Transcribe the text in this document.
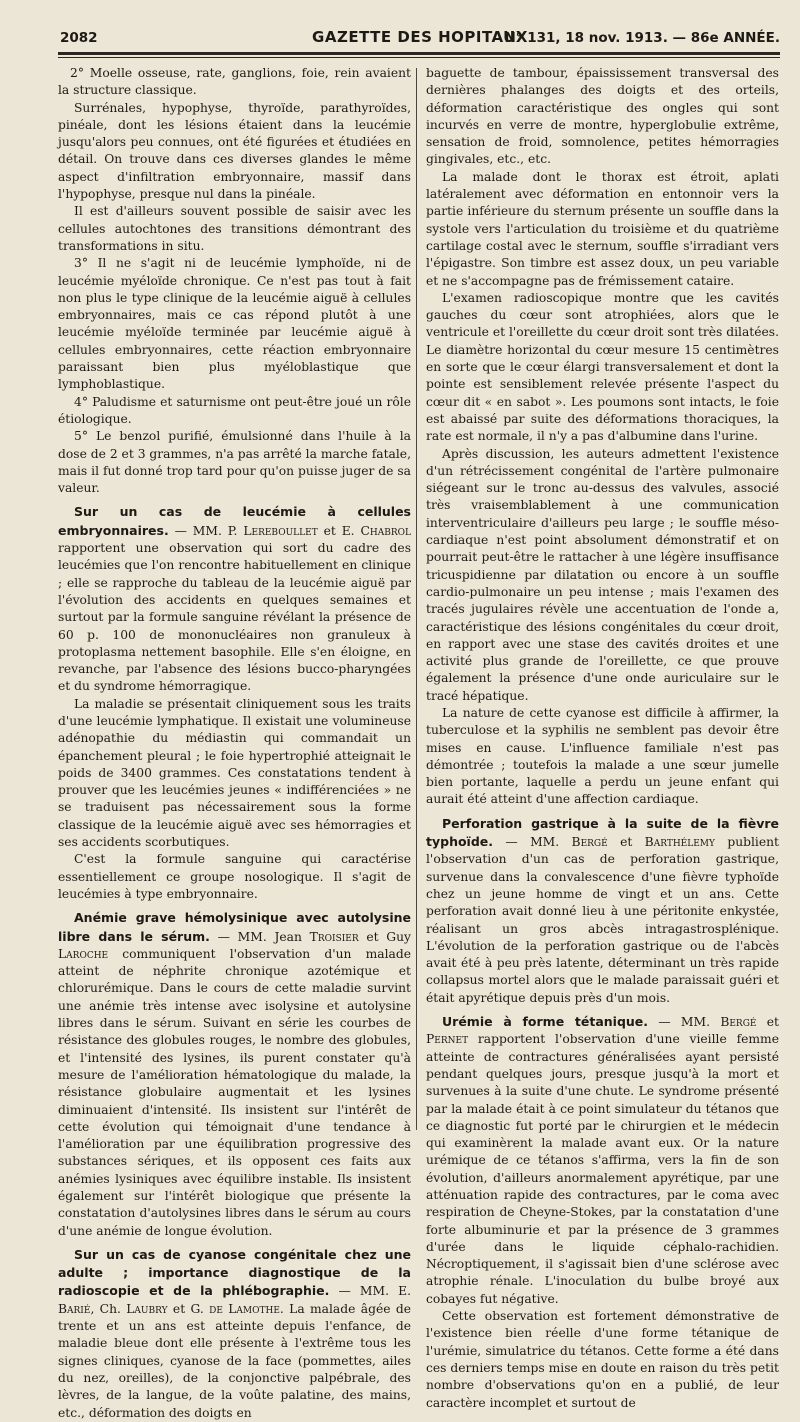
2082	GAZETTE DES HOPITAUX
N° 131, 18 nov. 1913. — 86e ANNÉE.

2° Moelle osseuse, rate, ganglions, foie, rein avaient la structure classique.

Surrénales, hypophyse, thyroïde, parathyroïdes, pinéale, dont les lésions étaient dans la leucémie jusqu'alors peu connues, ont été figurées et étudiées en détail. On trouve dans ces diverses glandes le même aspect d'infiltration embryonnaire, massif dans l'hypophyse, presque nul dans la pinéale.

Il est d'ailleurs souvent possible de saisir avec les cellules autochtones des transitions démontrant des transformations in situ.

3° Il ne s'agit ni de leucémie lymphoïde, ni de leucémie myéloïde chronique. Ce n'est pas tout à fait non plus le type clinique de la leucémie aiguë à cellules embryonnaires, mais ce cas répond plutôt à une leucémie myéloïde terminée par leucémie aiguë à cellules embryonnaires, cette réaction embryonnaire paraissant bien plus myéloblastique que lymphoblastique.

4° Paludisme et saturnisme ont peut-être joué un rôle étiologique.

5° Le benzol purifié, émulsionné dans l'huile à la dose de 2 et 3 grammes, n'a pas arrêté la marche fatale, mais il fut donné trop tard pour qu'on puisse juger de sa valeur.

Sur un cas de leucémie à cellules embryonnaires. — MM. P. Lereboullet et E. Chabrol rapportent une observation qui sort du cadre des leucémies que l'on rencontre habituellement en clinique ; elle se rapproche du tableau de la leucémie aiguë par l'évolution des accidents en quelques semaines et surtout par la formule sanguine révélant la présence de 60 p. 100 de mononucléaires non granuleux à protoplasma nettement basophile. Elle s'en éloigne, en revanche, par l'absence des lésions bucco-pharyngées et du syndrome hémorragique.

La maladie se présentait cliniquement sous les traits d'une leucémie lymphatique. Il existait une volumineuse adénopathie du médiastin qui commandait un épanchement pleural ; le foie hypertrophié atteignait le poids de 3400 grammes. Ces constatations tendent à prouver que les leucémies jeunes « indifférenciées » ne se traduisent pas nécessairement sous la forme classique de la leucémie aiguë avec ses hémorragies et ses accidents scorbutiques.

C'est la formule sanguine qui caractérise essentiellement ce groupe nosologique. Il s'agit de leucémies à type embryonnaire.

Anémie grave hémolysinique avec autolysine libre dans le sérum. — MM. Jean Troisier et Guy Laroche communiquent l'observation d'un malade atteint de néphrite chronique azotémique et chlorurémique. Dans le cours de cette maladie survint une anémie très intense avec isolysine et autolysine libres dans le sérum. Suivant en série les courbes de résistance des globules rouges, le nombre des globules, et l'intensité des lysines, ils purent constater qu'à mesure de l'amélioration hématologique du malade, la résistance globulaire augmentait et les lysines diminuaient d'intensité. Ils insistent sur l'intérêt de cette évolution qui témoignait d'une tendance à l'amélioration par une équilibration progressive des substances sériques, et ils opposent ces faits aux anémies lysiniques avec équilibre instable. Ils insistent également sur l'intérêt biologique que présente la constatation d'autolysines libres dans le sérum au cours d'une anémie de longue évolution.

Sur un cas de cyanose congénitale chez une adulte ; importance diagnostique de la radioscopie et de la phlébographie. — MM. E. Barié, Ch. Laubry et G. de Lamothe. La malade âgée de trente et un ans est atteinte depuis l'enfance, de maladie bleue dont elle présente à l'extrême tous les signes cliniques, cyanose de la face (pommettes, ailes du nez, oreilles), de la conjonctive palpébrale, des lèvres, de la langue, de la voûte palatine, des mains, etc., déformation des doigts en

baguette de tambour, épaississement transversal des dernières phalanges des doigts et des orteils, déformation caractéristique des ongles qui sont incurvés en verre de montre, hyperglobulie extrême, sensation de froid, somnolence, petites hémorragies gingivales, etc., etc.

La malade dont le thorax est étroit, aplati latéralement avec déformation en entonnoir vers la partie inférieure du sternum présente un souffle dans la systole vers l'articulation du troisième et du quatrième cartilage costal avec le sternum, souffle s'irradiant vers l'épigastre. Son timbre est assez doux, un peu variable et ne s'accompagne pas de frémissement cataire.

L'examen radioscopique montre que les cavités gauches du cœur sont atrophiées, alors que le ventricule et l'oreillette du cœur droit sont très dilatées. Le diamètre horizontal du cœur mesure 15 centimètres en sorte que le cœur élargi transversalement et dont la pointe est sensiblement relevée présente l'aspect du cœur dit « en sabot ». Les poumons sont intacts, le foie est abaissé par suite des déformations thoraciques, la rate est normale, il n'y a pas d'albumine dans l'urine.

Après discussion, les auteurs admettent l'existence d'un rétrécissement congénital de l'artère pulmonaire siégeant sur le tronc au-dessus des valvules, associé très vraisemblablement à une communication interventriculaire d'ailleurs peu large ; le souffle méso-cardiaque n'est point absolument démonstratif et on pourrait peut-être le rattacher à une légère insuffisance tricuspidienne par dilatation ou encore à un souffle cardio-pulmonaire un peu intense ; mais l'examen des tracés jugulaires révèle une accentuation de l'onde a, caractéristique des lésions congénitales du cœur droit, en rapport avec une stase des cavités droites et une activité plus grande de l'oreillette, ce que prouve également la présence d'une onde auriculaire sur le tracé hépatique.

La nature de cette cyanose est difficile à affirmer, la tuberculose et la syphilis ne semblent pas devoir être mises en cause. L'influence familiale n'est pas démontrée ; toutefois la malade a une sœur jumelle bien portante, laquelle a perdu un jeune enfant qui aurait été atteint d'une affection cardiaque.

Perforation gastrique à la suite de la fièvre typhoïde. — MM. Bergé et Barthélemy publient l'observation d'un cas de perforation gastrique, survenue dans la convalescence d'une fièvre typhoïde chez un jeune homme de vingt et un ans. Cette perforation avait donné lieu à une péritonite enkystée, réalisant un gros abcès intragastrosplénique. L'évolution de la perforation gastrique ou de l'abcès avait été à peu près latente, déterminant un très rapide collapsus mortel alors que le malade paraissait guéri et était apyrétique depuis près d'un mois.

Urémie à forme tétanique. — MM. Bergé et Pernet rapportent l'observation d'une vieille femme atteinte de contractures généralisées ayant persisté pendant quelques jours, presque jusqu'à la mort et survenues à la suite d'une chute. Le syndrome présenté par la malade était à ce point simulateur du tétanos que ce diagnostic fut porté par le chirurgien et le médecin qui examinèrent la malade avant eux. Or la nature urémique de ce tétanos s'affirma, vers la fin de son évolution, d'ailleurs anormalement apyrétique, par une atténuation rapide des contractures, par le coma avec respiration de Cheyne-Stokes, par la constatation d'une forte albuminurie et par la présence de 3 grammes d'urée dans le liquide céphalo-rachidien. Nécroptiquement, il s'agissait bien d'une sclérose avec atrophie rénale. L'inoculation du bulbe broyé aux cobayes fut négative.

Cette observation est fortement démonstrative de l'existence bien réelle d'une forme tétanique de l'urémie, simulatrice du tétanos. Cette forme a été dans ces derniers temps mise en doute en raison du très petit nombre d'observations qu'on en a publié, de leur caractère incomplet et surtout de
